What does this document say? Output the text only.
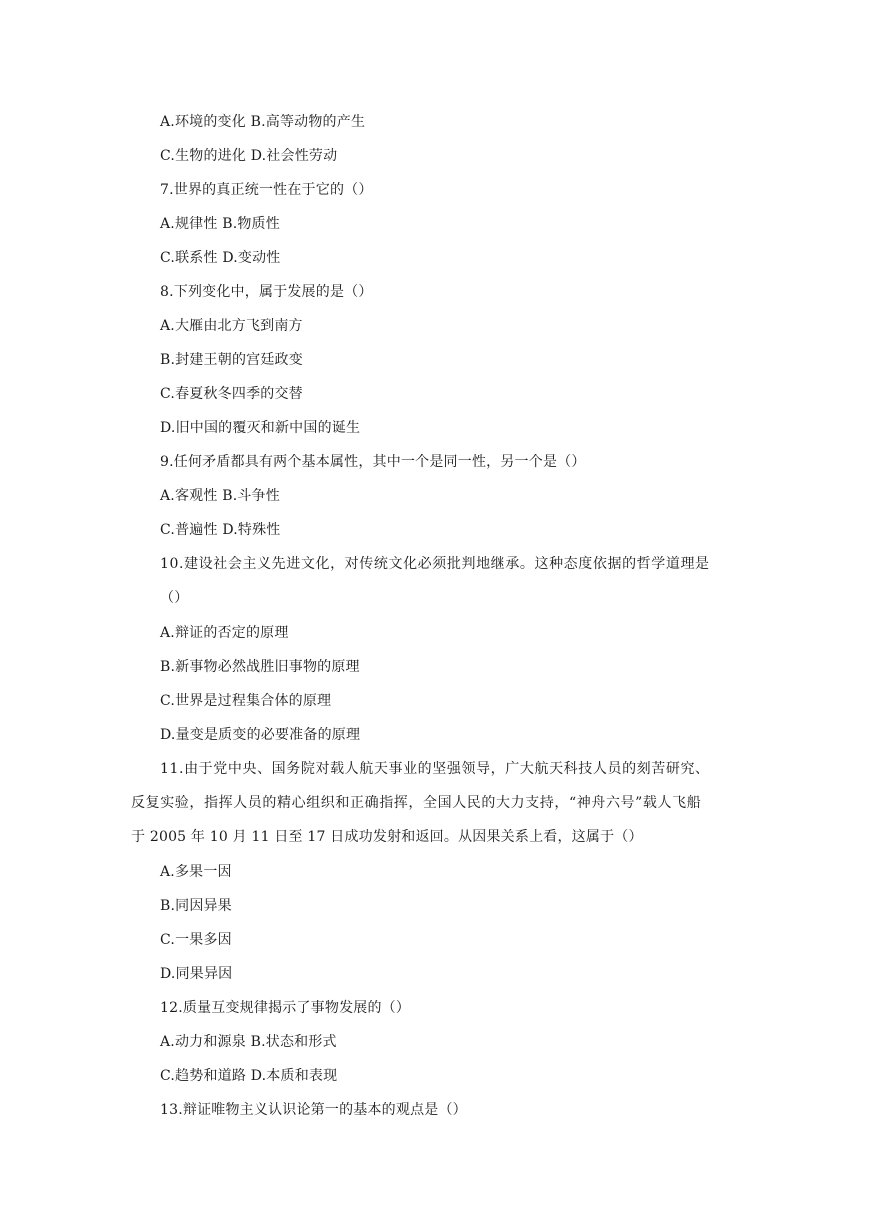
A.环境的变化 B.高等动物的产生
C.生物的进化 D.社会性劳动
7.世界的真正统一性在于它的（）
A.规律性 B.物质性
C.联系性 D.变动性
8.下列变化中，属于发展的是（）
A.大雁由北方飞到南方
B.封建王朝的宫廷政变
C.春夏秋冬四季的交替
D.旧中国的覆灭和新中国的诞生
9.任何矛盾都具有两个基本属性，其中一个是同一性，另一个是（）
A.客观性 B.斗争性
C.普遍性 D.特殊性
10.建设社会主义先进文化，对传统文化必须批判地继承。这种态度依据的哲学道理是
（）
A.辩证的否定的原理
B.新事物必然战胜旧事物的原理
C.世界是过程集合体的原理
D.量变是质变的必要准备的原理
11.由于党中央、国务院对载人航天事业的坚强领导，广大航天科技人员的刻苦研究、
反复实验，指挥人员的精心组织和正确指挥，全国人民的大力支持，“神舟六号”载人飞船
于 2005 年 10 月 11 日至 17 日成功发射和返回。从因果关系上看，这属于（）
A.多果一因
B.同因异果
C.一果多因
D.同果异因
12.质量互变规律揭示了事物发展的（）
A.动力和源泉 B.状态和形式
C.趋势和道路 D.本质和表现
13.辩证唯物主义认识论第一的基本的观点是（）
